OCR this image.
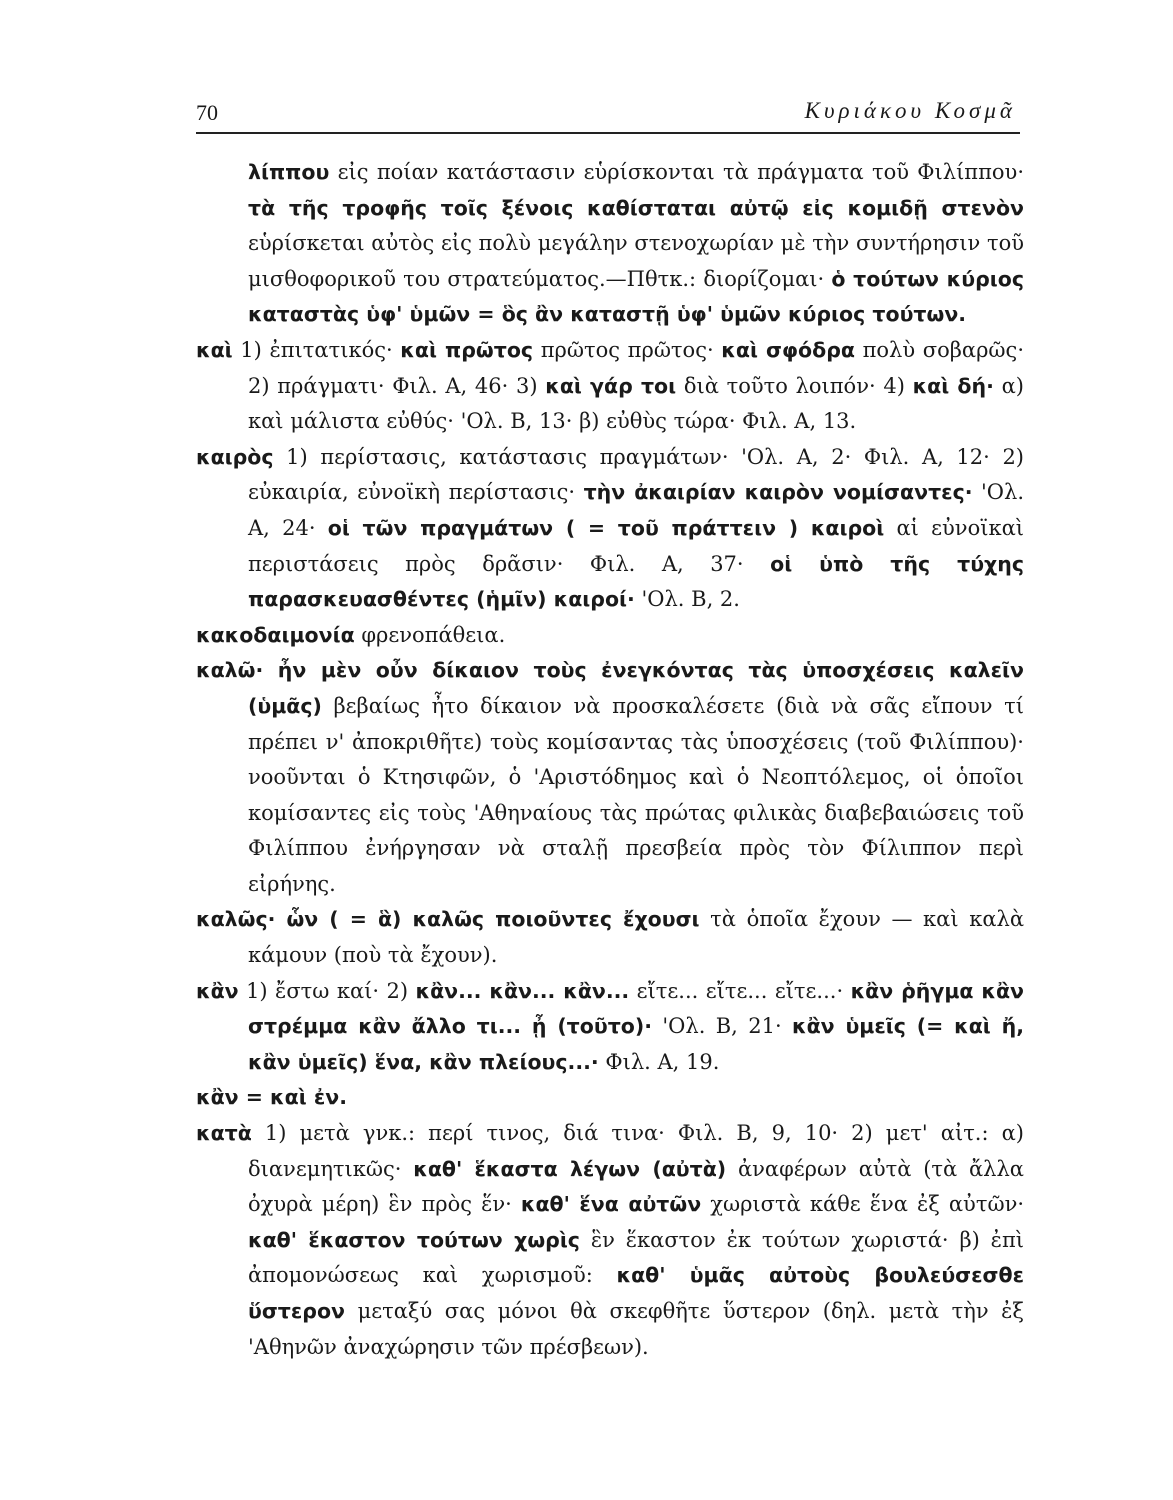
70	Κυριάκου Κοσμᾶ

λίππου εἰς ποίαν κατάστασιν εὑρίσκονται τὰ πράγματα τοῦ Φιλίππου· τὰ τῆς τροφῆς τοῖς ξένοις καθίσταται αὐτῷ εἰς κομιδῇ στενὸν εὑρίσκεται αὐτὸς εἰς πολὺ μεγάλην στενοχωρίαν μὲ τὴν συντήρησιν τοῦ μισθοφορικοῦ του στρατεύματος.—Πθτκ.: διορίζομαι· ὁ τούτων κύριος καταστὰς ὑφ' ὑμῶν = ὃς ἂν καταστῇ ὑφ' ὑμῶν κύριος τούτων.

καὶ 1) ἐπιτατικός· καὶ πρῶτος πρῶτος πρῶτος· καὶ σφόδρα πολὺ σοβαρῶς· 2) πράγματι· Φιλ. Α, 46· 3) καὶ γάρ τοι διὰ τοῦτο λοιπόν· 4) καὶ δή· α) καὶ μάλιστα εὐθύς· 'Ολ. Β, 13· β) εὐθὺς τώρα· Φιλ. Α, 13.

καιρὸς 1) περίστασις, κατάστασις πραγμάτων· 'Ολ. Α, 2· Φιλ. Α, 12· 2) εὐκαιρία, εὐνοϊκὴ περίστασις· τὴν ἀκαιρίαν καιρὸν νομίσαντες· 'Ολ. Α, 24· οἱ τῶν πραγμάτων ( = τοῦ πράττειν ) καιροὶ αἱ εὐνοϊκαὶ περιστάσεις πρὸς δρᾶσιν· Φιλ. Α, 37· οἱ ὑπὸ τῆς τύχης παρασκευασθέντες (ἡμῖν) καιροί· 'Ολ. Β, 2.

κακοδαιμονία φρενοπάθεια.

καλῶ· ἦν μὲν οὖν δίκαιον τοὺς ἐνεγκόντας τὰς ὑποσχέσεις καλεῖν (ὑμᾶς) βεβαίως ἦτο δίκαιον νὰ προσκαλέσετε (διὰ νὰ σᾶς εἴπουν τί πρέπει ν' ἀποκριθῆτε) τοὺς κομίσαντας τὰς ὑποσχέσεις (τοῦ Φιλίππου)· νοοῦνται ὁ Κτησιφῶν, ὁ 'Αριστόδημος καὶ ὁ Νεοπτόλεμος, οἱ ὁποῖοι κομίσαντες εἰς τοὺς 'Αθηναίους τὰς πρώτας φιλικὰς διαβεβαιώσεις τοῦ Φιλίππου ἐνήργησαν νὰ σταλῇ πρεσβεία πρὸς τὸν Φίλιππον περὶ εἰρήνης.

καλῶς· ὧν ( = ἃ) καλῶς ποιοῦντες ἔχουσι τὰ ὁποῖα ἔχουν — καὶ καλὰ κάμουν (ποὺ τὰ ἔχουν).

κἂν 1) ἔστω καί· 2) κἂν... κἂν... κἂν... εἴτε... εἴτε... εἴτε...· κἂν ῥῆγμα κἂν στρέμμα κἂν ἄλλο τι... ᾖ (τοῦτο)· 'Ολ. Β, 21· κἂν ὑμεῖς (= καὶ ἤ, κἂν ὑμεῖς) ἕνα, κἂν πλείους...· Φιλ. Α, 19.

κἂν = καὶ ἐν.

κατὰ 1) μετὰ γνκ.: περί τινος, διά τινα· Φιλ. Β, 9, 10· 2) μετ' αἰτ.: α) διανεμητικῶς· καθ' ἕκαστα λέγων (αὐτὰ) ἀναφέρων αὐτὰ (τὰ ἄλλα ὀχυρὰ μέρη) ἓν πρὸς ἕν· καθ' ἕνα αὐτῶν χωριστὰ κάθε ἕνα ἐξ αὐτῶν· καθ' ἕκαστον τούτων χωρὶς ἓν ἕκαστον ἐκ τούτων χωριστά· β) ἐπὶ ἀπομονώσεως καὶ χωρισμοῦ: καθ' ὑμᾶς αὐτοὺς βουλεύσεσθε ὕστερον μεταξύ σας μόνοι θὰ σκεφθῆτε ὕστερον (δηλ. μετὰ τὴν ἐξ 'Αθηνῶν ἀναχώρησιν τῶν πρέσβεων).
